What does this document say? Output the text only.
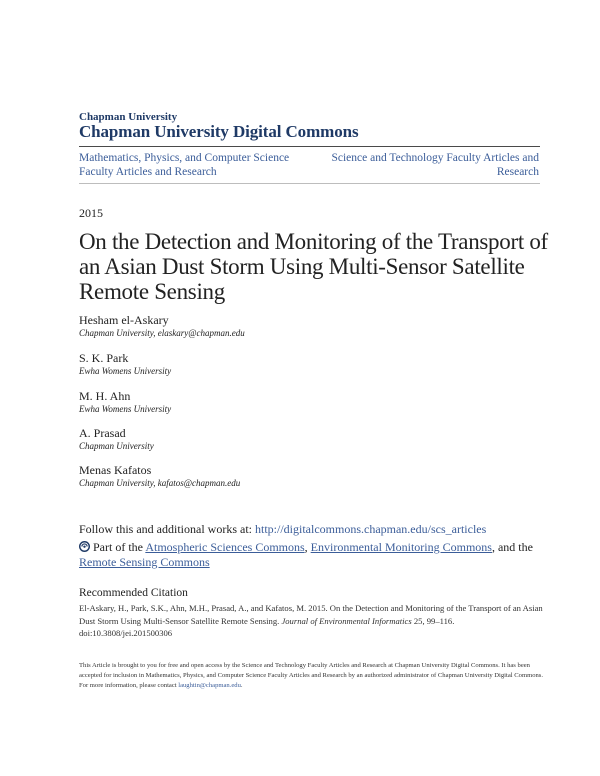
Chapman University
Chapman University Digital Commons
Mathematics, Physics, and Computer Science Faculty Articles and Research
Science and Technology Faculty Articles and Research
2015
On the Detection and Monitoring of the Transport of an Asian Dust Storm Using Multi-Sensor Satellite Remote Sensing
Hesham el-Askary
Chapman University, elaskary@chapman.edu
S. K. Park
Ewha Womens University
M. H. Ahn
Ewha Womens University
A. Prasad
Chapman University
Menas Kafatos
Chapman University, kafatos@chapman.edu
Follow this and additional works at: http://digitalcommons.chapman.edu/scs_articles
Part of the Atmospheric Sciences Commons, Environmental Monitoring Commons, and the Remote Sensing Commons
Recommended Citation
El-Askary, H., Park, S.K., Ahn, M.H., Prasad, A., and Kafatos, M. 2015. On the Detection and Monitoring of the Transport of an Asian Dust Storm Using Multi-Sensor Satellite Remote Sensing. Journal of Environmental Informatics 25, 99–116. doi:10.3808/jei.201500306
This Article is brought to you for free and open access by the Science and Technology Faculty Articles and Research at Chapman University Digital Commons. It has been accepted for inclusion in Mathematics, Physics, and Computer Science Faculty Articles and Research by an authorized administrator of Chapman University Digital Commons. For more information, please contact laughtin@chapman.edu.
